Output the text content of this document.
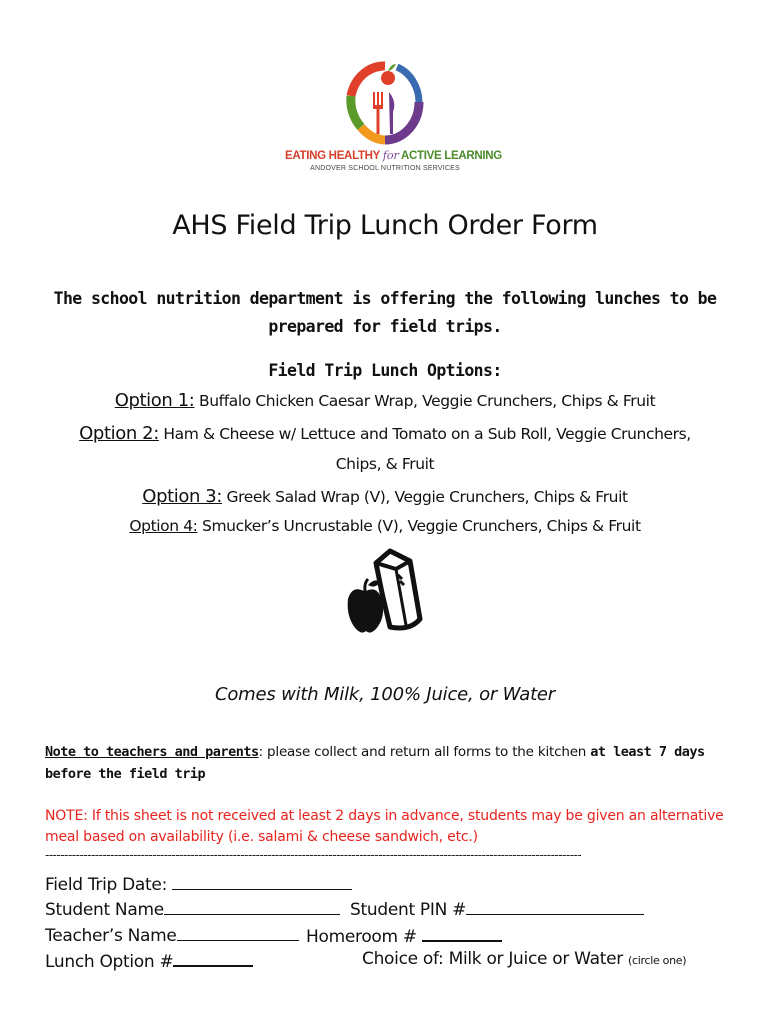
EATING HEALTHY for ACTIVE LEARNING
ANDOVER SCHOOL NUTRITION SERVICES
AHS Field Trip Lunch Order Form
The school nutrition department is offering the following lunches to be prepared for field trips.
Field Trip Lunch Options:
Option 1: Buffalo Chicken Caesar Wrap, Veggie Crunchers, Chips & Fruit
Option 2: Ham & Cheese w/ Lettuce and Tomato on a Sub Roll, Veggie Crunchers,
Chips, & Fruit
Option 3: Greek Salad Wrap (V), Veggie Crunchers, Chips & Fruit
Option 4: Smucker’s Uncrustable (V), Veggie Crunchers, Chips & Fruit
Comes with Milk, 100% Juice, or Water
Note to teachers and parents: please collect and return all forms to the kitchen at least 7 days before the field trip
NOTE: If this sheet is not received at least 2 days in advance, students may be given an alternative meal based on availability (i.e. salami & cheese sandwich, etc.)
--------------------------------------------------------------------------------------------------------------------------------------------
Field Trip Date:
Student Name	Student PIN #
Teacher’s Name	Homeroom #
Lunch Option #	Choice of: Milk or Juice or Water (circle one)
